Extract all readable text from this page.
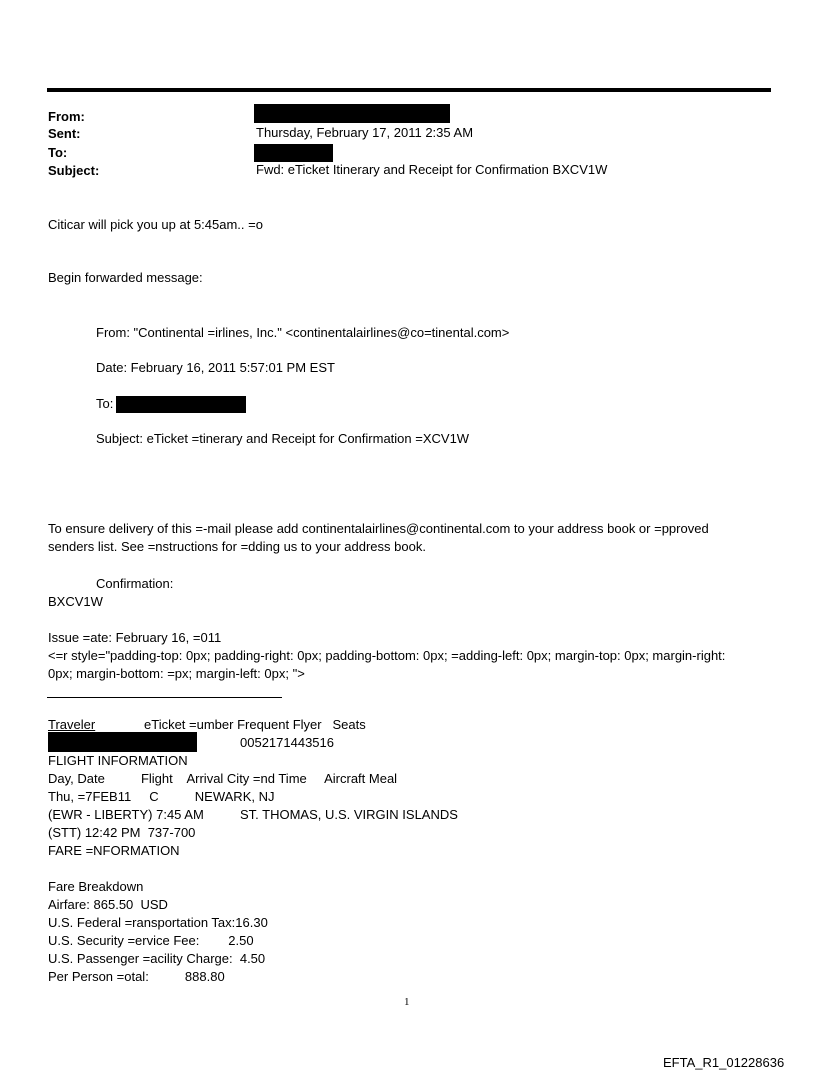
From:
Sent:	Thursday, February 17, 2011 2:35 AM
To:
Subject:	Fwd: eTicket Itinerary and Receipt for Confirmation BXCV1W
Citicar will pick you up at 5:45am.. =o
Begin forwarded message:
From: "Continental =irlines, Inc." <continentalairlines@co=tinental.com>
Date: February 16, 2011 5:57:01 PM EST
To:
Subject: eTicket =tinerary and Receipt for Confirmation =XCV1W
To ensure delivery of this =-mail please add continentalairlines@continental.com to your address book or =pproved
senders list. See =nstructions for =dding us to your address book.
Confirmation:
BXCV1W
Issue =ate: February 16, =011
<=r style="padding-top: 0px; padding-right: 0px; padding-bottom: 0px; =adding-left: 0px; margin-top: 0px; margin-right:
0px; margin-bottom: =px; margin-left: 0px; ">
Traveler	eTicket =umber Frequent Flyer   Seats
0052171443516
FLIGHT INFORMATION
Day, Date          Flight    Arrival City =nd Time     Aircraft Meal
Thu, =7FEB11     C          NEWARK, NJ
(EWR - LIBERTY) 7:45 AM	ST. THOMAS, U.S. VIRGIN ISLANDS
(STT) 12:42 PM  737-700
FARE =NFORMATION
Fare Breakdown
Airfare: 865.50  USD
U.S. Federal =ransportation Tax:16.30
U.S. Security =ervice Fee:        2.50
U.S. Passenger =acility Charge:  4.50
Per Person =otal:          888.80
1
EFTA_R1_01228636
